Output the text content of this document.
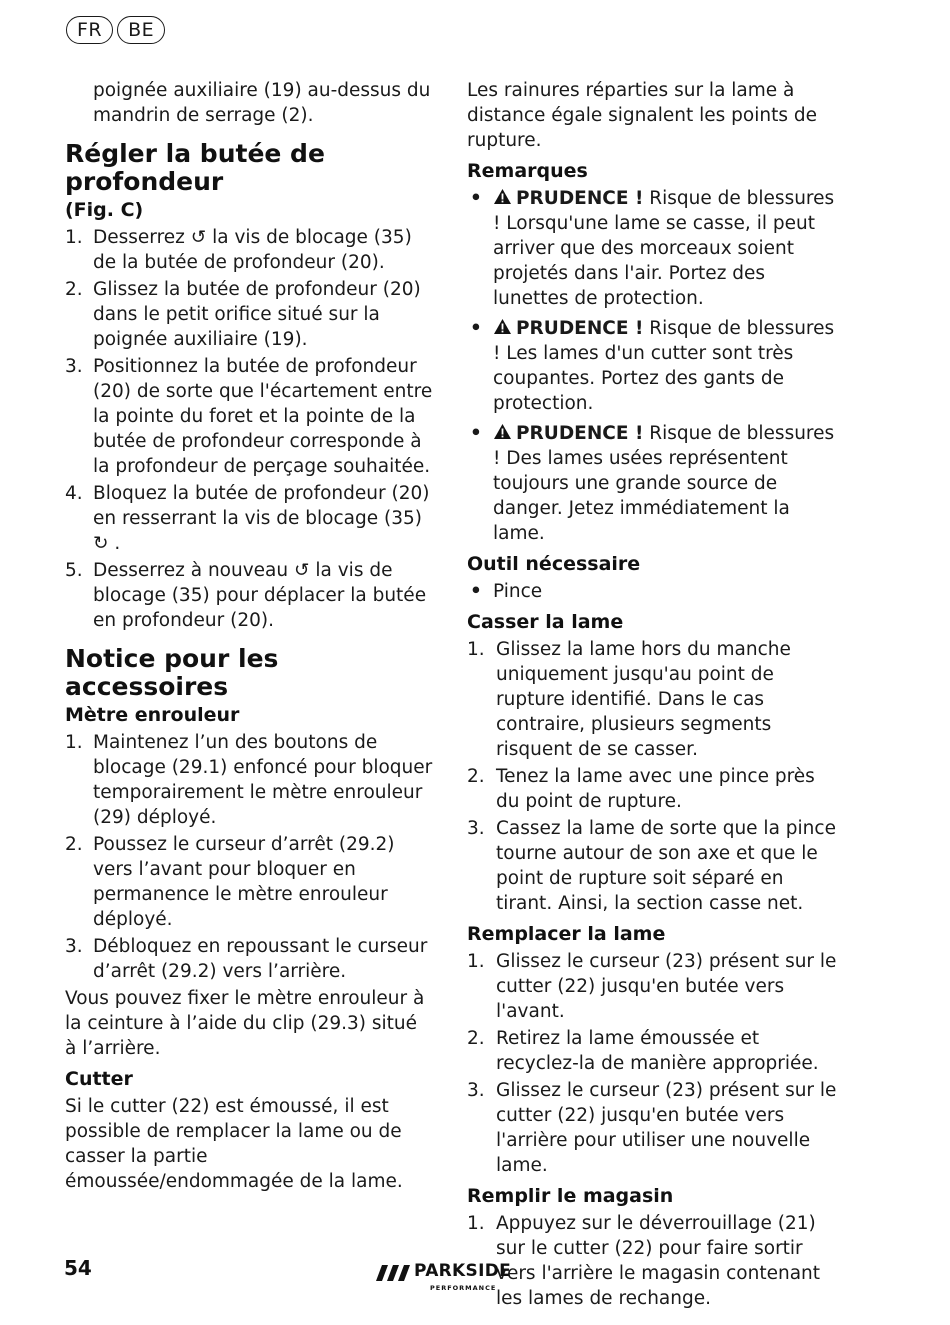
FR	BE
poignée auxiliaire (19) au-dessus du mandrin de serrage (2).
Régler la butée de profondeur
(Fig. C)
1. Desserrez ↺ la vis de blocage (35) de la butée de profondeur (20).
2. Glissez la butée de profondeur (20) dans le petit orifice situé sur la poignée auxiliaire (19).
3. Positionnez la butée de profondeur (20) de sorte que l'écartement entre la pointe du foret et la pointe de la butée de profondeur corresponde à la profondeur de perçage souhaitée.
4. Bloquez la butée de profondeur (20) en resserrant la vis de blocage (35) ↻ .
5. Desserrez à nouveau ↺ la vis de blocage (35) pour déplacer la butée en profondeur (20).
Notice pour les accessoires
Mètre enrouleur
1. Maintenez l’un des boutons de blocage (29.1) enfoncé pour bloquer temporairement le mètre enrouleur (29) déployé.
2. Poussez le curseur d’arrêt (29.2) vers l’avant pour bloquer en permanence le mètre enrouleur déployé.
3. Débloquez en repoussant le curseur d’arrêt (29.2) vers l’arrière.

Vous pouvez fixer le mètre enrouleur à la ceinture à l’aide du clip (29.3) situé à l’arrière.

Cutter

Si le cutter (22) est émoussé, il est possible de remplacer la lame ou de casser la partie émoussée/endommagée de la lame.

Les rainures réparties sur la lame à distance égale signalent les points de rupture.

Remarques
• PRUDENCE ! Risque de blessures ! Lorsqu'une lame se casse, il peut arriver que des morceaux soient projetés dans l'air. Portez des lunettes de protection.
• PRUDENCE ! Risque de blessures ! Les lames d'un cutter sont très coupantes. Portez des gants de protection.
• PRUDENCE ! Risque de blessures ! Des lames usées représentent toujours une grande source de danger. Jetez immédiatement la lame.
Outil nécessaire
• Pince
Casser la lame
1. Glissez la lame hors du manche uniquement jusqu'au point de rupture identifié. Dans le cas contraire, plusieurs segments risquent de se casser.
2. Tenez la lame avec une pince près du point de rupture.
3. Cassez la lame de sorte que la pince tourne autour de son axe et que le point de rupture soit séparé en tirant. Ainsi, la section casse net.
Remplacer la lame
1. Glissez le curseur (23) présent sur le cutter (22) jusqu'en butée vers l'avant.
2. Retirez la lame émoussée et recyclez-la de manière appropriée.
3. Glissez le curseur (23) présent sur le cutter (22) jusqu'en butée vers l'arrière pour utiliser une nouvelle lame.
Remplir le magasin
1. Appuyez sur le déverrouillage (21) sur le cutter (22) pour faire sortir vers l'arrière le magasin contenant les lames de rechange.
54	PARKSIDE
PERFORMANCE
